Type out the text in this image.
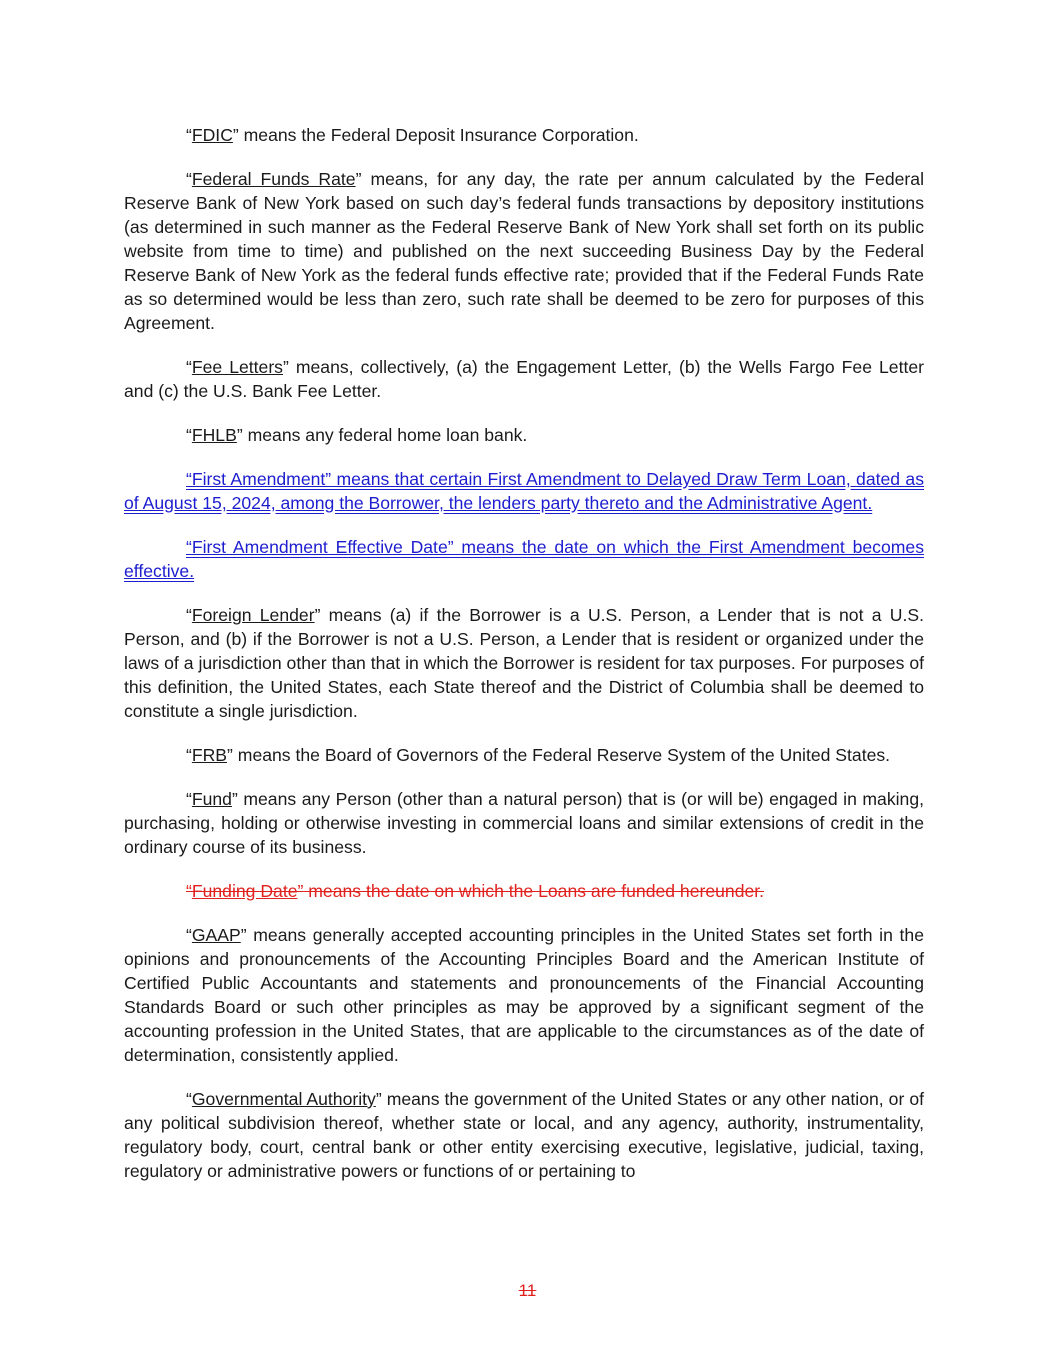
“FDIC” means the Federal Deposit Insurance Corporation.

“Federal Funds Rate” means, for any day, the rate per annum calculated by the Federal Reserve Bank of New York based on such day’s federal funds transactions by depository institutions (as determined in such manner as the Federal Reserve Bank of New York shall set forth on its public website from time to time) and published on the next succeeding Business Day by the Federal Reserve Bank of New York as the federal funds effective rate; provided that if the Federal Funds Rate as so determined would be less than zero, such rate shall be deemed to be zero for purposes of this Agreement.

“Fee Letters” means, collectively, (a) the Engagement Letter, (b) the Wells Fargo Fee Letter and (c) the U.S. Bank Fee Letter.

“FHLB” means any federal home loan bank.

“First Amendment” means that certain First Amendment to Delayed Draw Term Loan, dated as of August 15, 2024, among the Borrower, the lenders party thereto and the Administrative Agent.

“First Amendment Effective Date” means the date on which the First Amendment becomes effective.

“Foreign Lender” means (a) if the Borrower is a U.S. Person, a Lender that is not a U.S. Person, and (b) if the Borrower is not a U.S. Person, a Lender that is resident or organized under the laws of a jurisdiction other than that in which the Borrower is resident for tax purposes. For purposes of this definition, the United States, each State thereof and the District of Columbia shall be deemed to constitute a single jurisdiction.

“FRB” means the Board of Governors of the Federal Reserve System of the United States.

“Fund” means any Person (other than a natural person) that is (or will be) engaged in making, purchasing, holding or otherwise investing in commercial loans and similar extensions of credit in the ordinary course of its business.

“Funding Date” means the date on which the Loans are funded hereunder.

“GAAP” means generally accepted accounting principles in the United States set forth in the opinions and pronouncements of the Accounting Principles Board and the American Institute of Certified Public Accountants and statements and pronouncements of the Financial Accounting Standards Board or such other principles as may be approved by a significant segment of the accounting profession in the United States, that are applicable to the circumstances as of the date of determination, consistently applied.

“Governmental Authority” means the government of the United States or any other nation, or of any political subdivision thereof, whether state or local, and any agency, authority, instrumentality, regulatory body, court, central bank or other entity exercising executive, legislative, judicial, taxing, regulatory or administrative powers or functions of or pertaining to

11
